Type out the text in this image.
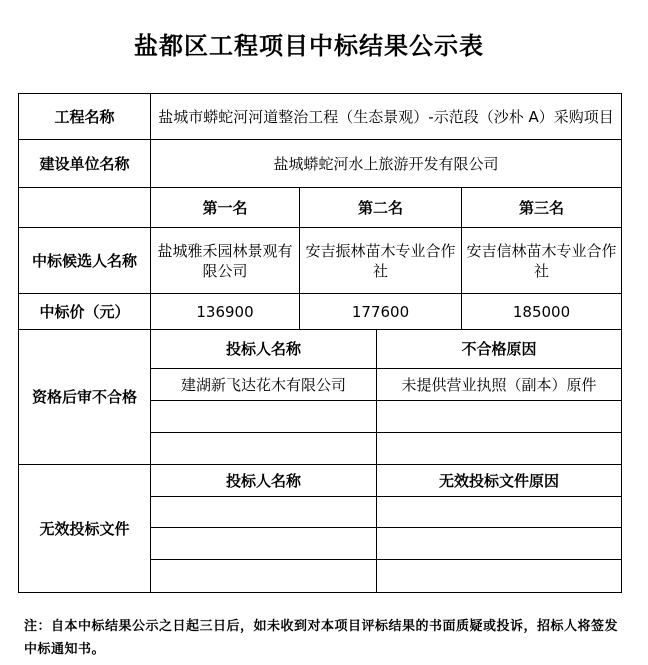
盐都区工程项目中标结果公示表
工程名称	盐城市蟒蛇河河道整治工程（生态景观）-示范段（沙朴 A）采购项目			
建设单位名称	盐城蟒蛇河水上旅游开发有限公司			
	第一名	第二名		第三名
中标候选人名称	盐城雅禾园林景观有限公司	安吉振林苗木专业合作社		安吉信林苗木专业合作社
中标价（元）	136900	177600		185000
资格后审不合格	投标人名称		不合格原因	
	建湖新飞达花木有限公司		未提供营业执照（副本）原件	

无效投标文件	投标人名称		无效投标文件原因	

注：自本中标结果公示之日起三日后，如未收到对本项目评标结果的书面质疑或投诉，招标人将签发中标通知书。
